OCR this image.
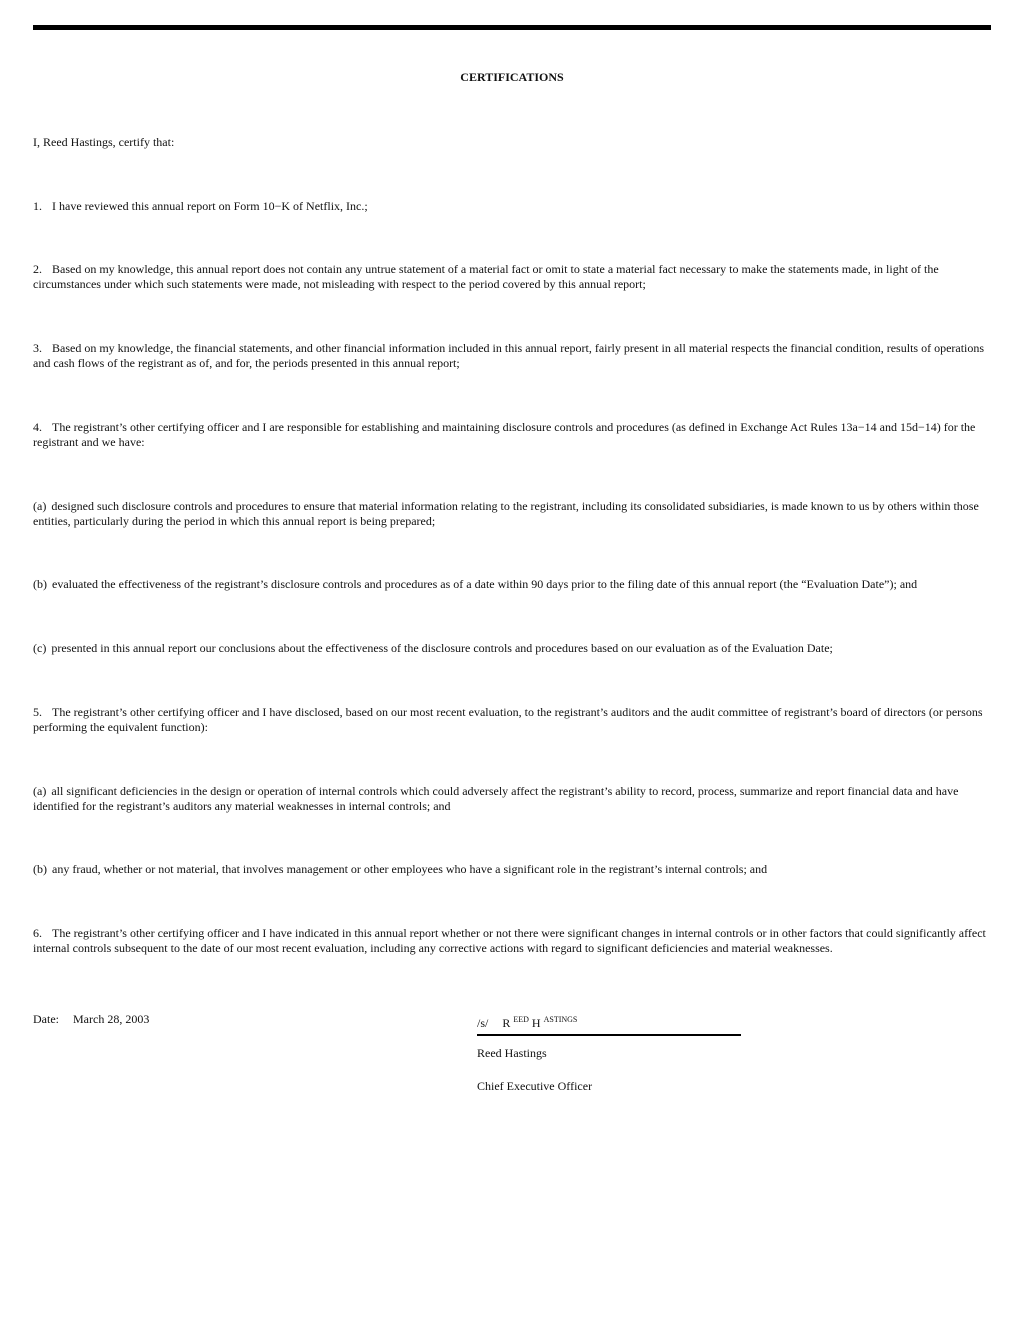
CERTIFICATIONS

I, Reed Hastings, certify that:

1. I have reviewed this annual report on Form 10−K of Netflix, Inc.;

2. Based on my knowledge, this annual report does not contain any untrue statement of a material fact or omit to state a material fact necessary to make the statements made, in light of the circumstances under which such statements were made, not misleading with respect to the period covered by this annual report;

3. Based on my knowledge, the financial statements, and other financial information included in this annual report, fairly present in all material respects the financial condition, results of operations and cash flows of the registrant as of, and for, the periods presented in this annual report;

4. The registrant’s other certifying officer and I are responsible for establishing and maintaining disclosure controls and procedures (as defined in Exchange Act Rules 13a−14 and 15d−14) for the registrant and we have:

(a) designed such disclosure controls and procedures to ensure that material information relating to the registrant, including its consolidated subsidiaries, is made known to us by others within those entities, particularly during the period in which this annual report is being prepared;

(b) evaluated the effectiveness of the registrant’s disclosure controls and procedures as of a date within 90 days prior to the filing date of this annual report (the “Evaluation Date”); and

(c) presented in this annual report our conclusions about the effectiveness of the disclosure controls and procedures based on our evaluation as of the Evaluation Date;

5. The registrant’s other certifying officer and I have disclosed, based on our most recent evaluation, to the registrant’s auditors and the audit committee of registrant’s board of directors (or persons performing the equivalent function):

(a) all significant deficiencies in the design or operation of internal controls which could adversely affect the registrant’s ability to record, process, summarize and report financial data and have identified for the registrant’s auditors any material weaknesses in internal controls; and

(b) any fraud, whether or not material, that involves management or other employees who have a significant role in the registrant’s internal controls; and

6. The registrant’s other certifying officer and I have indicated in this annual report whether or not there were significant changes in internal controls or in other factors that could significantly affect internal controls subsequent to the date of our most recent evaluation, including any corrective actions with regard to significant deficiencies and material weaknesses.

Date: March 28, 2003	/s/ R $^{EED}$ H $^{ASTINGS}$
Reed Hastings
Chief Executive Officer
